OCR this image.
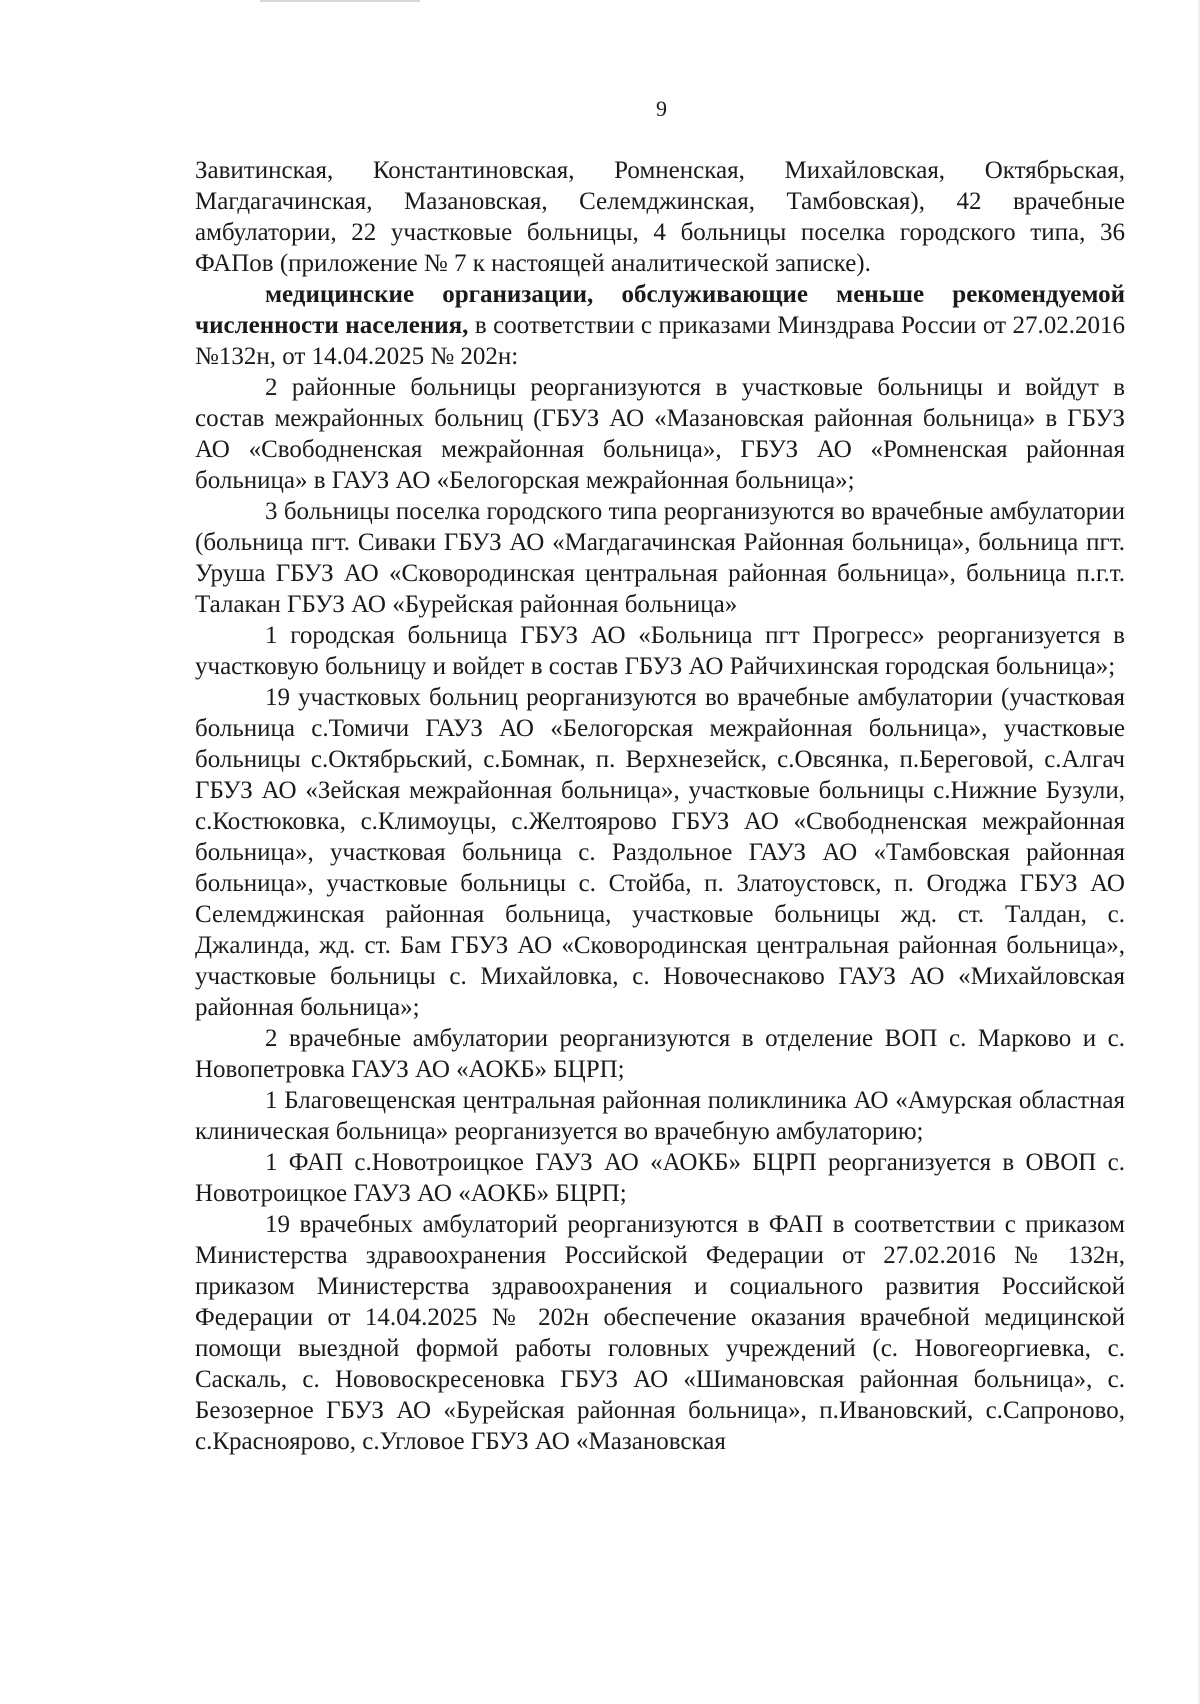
9

Завитинская, Константиновская, Ромненская, Михайловская, Октябрьская, Магдагачинская, Мазановская, Селемджинская, Тамбовская), 42 врачебные амбулатории, 22 участковые больницы, 4 больницы поселка городского типа, 36 ФАПов (приложение № 7 к настоящей аналитической записке).

медицинские организации, обслуживающие меньше рекомендуемой численности населения, в соответствии с приказами Минздрава России от 27.02.2016 №132н, от 14.04.2025 № 202н:

2 районные больницы реорганизуются в участковые больницы и войдут в состав межрайонных больниц (ГБУЗ АО «Мазановская районная больница» в ГБУЗ АО «Свободненская межрайонная больница», ГБУЗ АО «Ромненская районная больница» в ГАУЗ АО «Белогорская межрайонная больница»;

3 больницы поселка городского типа реорганизуются во врачебные амбулатории (больница пгт. Сиваки ГБУЗ АО «Магдагачинская Районная больница», больница пгт. Уруша ГБУЗ АО «Сковородинская центральная районная больница», больница п.г.т. Талакан ГБУЗ АО «Бурейская районная больница»

1 городская больница ГБУЗ АО «Больница пгт Прогресс» реорганизуется в участковую больницу и войдет в состав ГБУЗ АО Райчихинская городская больница»;

19 участковых больниц реорганизуются во врачебные амбулатории (участковая больница с.Томичи ГАУЗ АО «Белогорская межрайонная больница», участковые больницы с.Октябрьский, с.Бомнак, п. Верхнезейск, с.Овсянка, п.Береговой, с.Алгач ГБУЗ АО «Зейская межрайонная больница», участковые больницы с.Нижние Бузули, с.Костюковка, с.Климоуцы, с.Желтоярово ГБУЗ АО «Свободненская межрайонная больница», участковая больница с. Раздольное ГАУЗ АО «Тамбовская районная больница», участковые больницы с. Стойба, п. Златоустовск, п. Огоджа ГБУЗ АО Селемджинская районная больница, участковые больницы жд. ст. Талдан, с. Джалинда, жд. ст. Бам ГБУЗ АО «Сковородинская центральная районная больница», участковые больницы с. Михайловка, с. Новочеснаково ГАУЗ АО «Михайловская районная больница»;

2 врачебные амбулатории реорганизуются в отделение ВОП с. Марково и с. Новопетровка ГАУЗ АО «АОКБ» БЦРП;

1 Благовещенская центральная районная поликлиника АО «Амурская областная клиническая больница» реорганизуется во врачебную амбулаторию;

1 ФАП с.Новотроицкое ГАУЗ АО «АОКБ» БЦРП реорганизуется в ОВОП с. Новотроицкое ГАУЗ АО «АОКБ» БЦРП;

19 врачебных амбулаторий реорганизуются в ФАП в соответствии с приказом Министерства здравоохранения Российской Федерации от 27.02.2016 № 132н, приказом Министерства здравоохранения и социального развития Российской Федерации от 14.04.2025 № 202н обеспечение оказания врачебной медицинской помощи выездной формой работы головных учреждений (с. Новогеоргиевка, с. Саскаль, с. Нововоскресеновка ГБУЗ АО «Шимановская районная больница», с. Безозерное ГБУЗ АО «Бурейская районная больница», п.Ивановский, с.Сапроново, с.Красноярово, с.Угловое ГБУЗ АО «Мазановская
